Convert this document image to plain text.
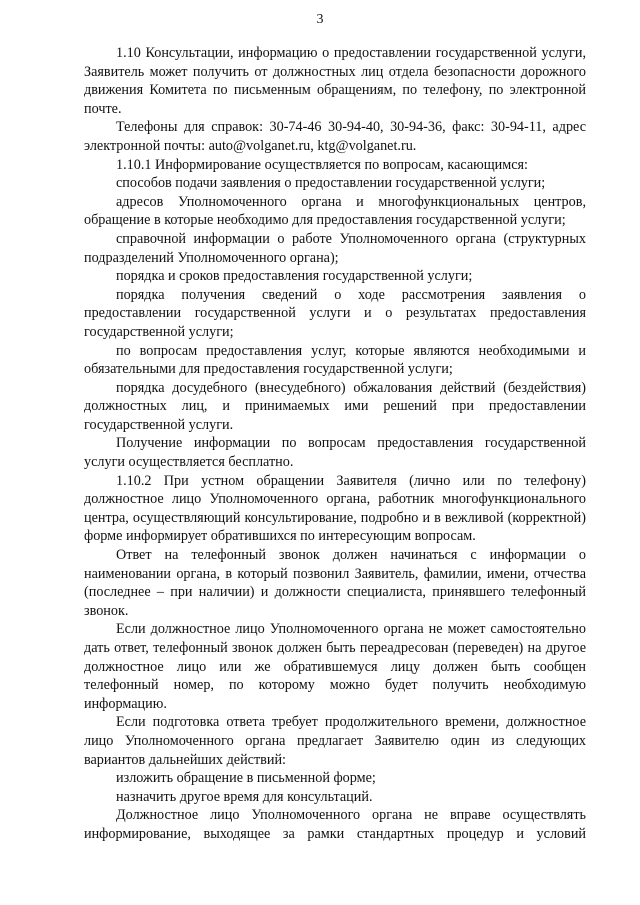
3

1.10 Консультации, информацию о предоставлении государственной услуги, Заявитель может получить от должностных лиц отдела безопасности дорожного движения Комитета по письменным обращениям, по телефону, по электронной почте.

Телефоны для справок: 30-74-46 30-94-40, 30-94-36, факс: 30-94-11, адрес электронной почты: auto@volganet.ru, ktg@volganet.ru.

1.10.1 Информирование осуществляется по вопросам, касающимся:

способов подачи заявления о предоставлении государственной услуги;

адресов Уполномоченного органа и многофункциональных центров, обращение в которые необходимо для предоставления государственной услуги;

справочной информации о работе Уполномоченного органа (структурных подразделений Уполномоченного органа);

порядка и сроков предоставления государственной услуги;

порядка получения сведений о ходе рассмотрения заявления о предоставлении государственной услуги и о результатах предоставления государственной услуги;

по вопросам предоставления услуг, которые являются необходимыми и обязательными для предоставления государственной услуги;

порядка досудебного (внесудебного) обжалования действий (бездействия) должностных лиц, и принимаемых ими решений при предоставлении государственной услуги.

Получение информации по вопросам предоставления государственной услуги осуществляется бесплатно.

1.10.2 При устном обращении Заявителя (лично или по телефону) должностное лицо Уполномоченного органа, работник многофункционального центра, осуществляющий консультирование, подробно и в вежливой (корректной) форме информирует обратившихся по интересующим вопросам.

Ответ на телефонный звонок должен начинаться с информации о наименовании органа, в который позвонил Заявитель, фамилии, имени, отчества (последнее – при наличии) и должности специалиста, принявшего телефонный звонок.

Если должностное лицо Уполномоченного органа не может самостоятельно дать ответ, телефонный звонок должен быть переадресован (переведен) на другое должностное лицо или же обратившемуся лицу должен быть сообщен телефонный номер, по которому можно будет получить необходимую информацию.

Если подготовка ответа требует продолжительного времени, должностное лицо Уполномоченного органа предлагает Заявителю один из следующих вариантов дальнейших действий:

изложить обращение в письменной форме;

назначить другое время для консультаций.

Должностное лицо Уполномоченного органа не вправе осуществлять информирование, выходящее за рамки стандартных процедур и условий
